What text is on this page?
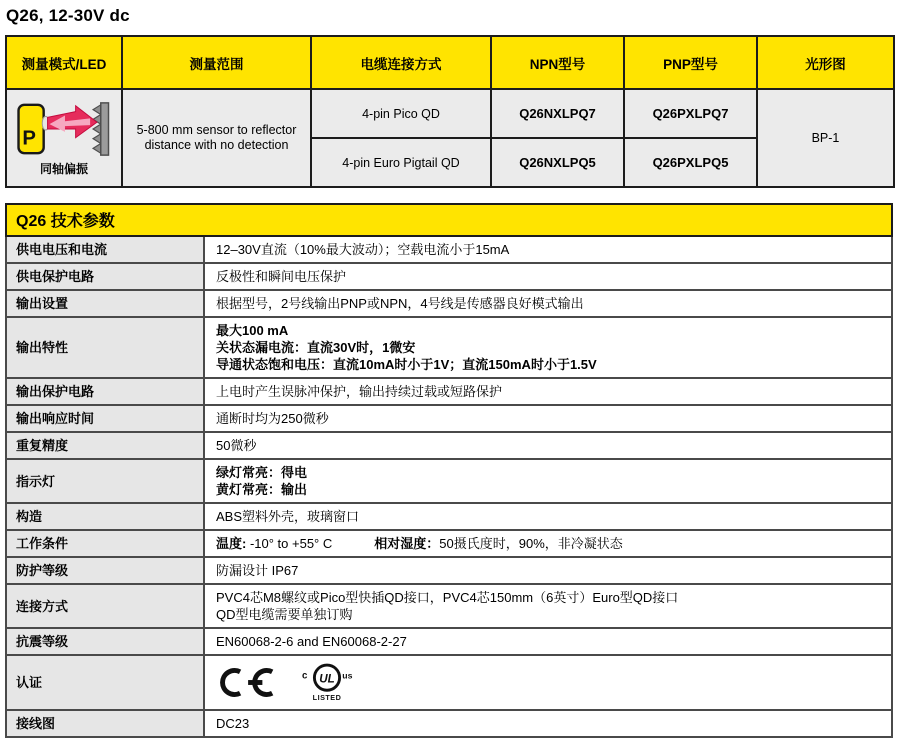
Q26, 12-30V dc
测量模式/LED	测量范围	电缆连接方式	NPN型号	PNP型号	光形图

P
同轴偏振	5-800 mm sensor to reflector distance with no detection	4-pin Pico QD	Q26NXLPQ7	Q26PXLPQ7	BP-1
		4-pin Euro Pigtail QD	Q26NXLPQ5	Q26PXLPQ5	
Q26 技术参数	
供电电压和电流	12–30V直流（10%最大波动）；空载电流小于15mA
供电保护电路	反极性和瞬间电压保护
输出设置	根据型号，2号线输出PNP或NPN，4号线是传感器良好模式输出
输出特性	最大100 mA
关状态漏电流：直流30V时，1微安
导通状态饱和电压：直流10mA时小于1V；直流150mA时小于1.5V

输出保护电路	上电时产生误脉冲保护，输出持续过载或短路保护
输出响应时间	通断时均为250微秒
重复精度	50微秒
指示灯	绿灯常亮：得电
黄灯常亮：输出

构造	ABS塑料外壳，玻璃窗口
工作条件	温度: -10° to +55° C 相对湿度：50摄氏度时，90%，非冷凝状态
防护等级	防漏设计 IP67
连接方式	PVC4芯M8螺纹或Pico型快插QD接口，PVC4芯150mm（6英寸）Euro型QD接口
QD型电缆需要单独订购

抗震等级	EN60068-2-6 and EN60068-2-27
认证	c UL us
LISTED

接线图	DC23
